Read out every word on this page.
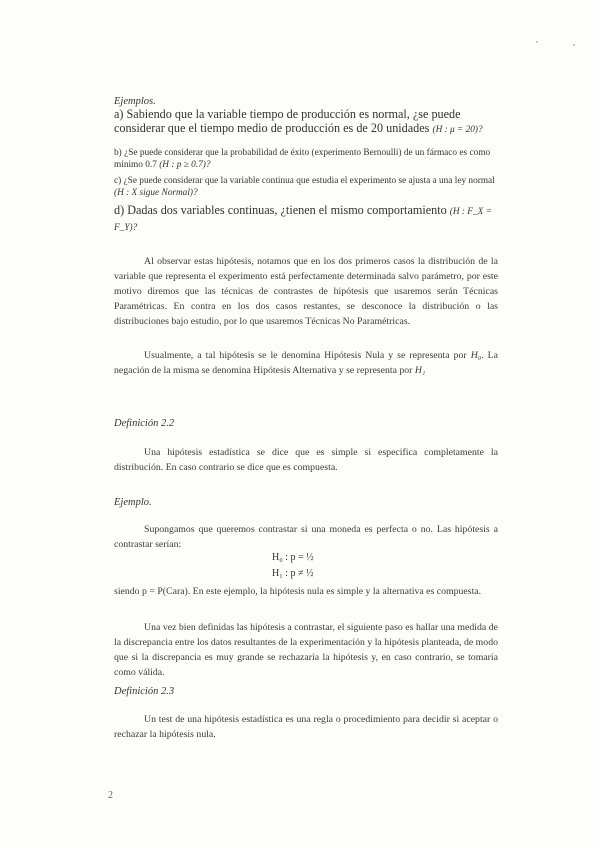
Ejemplos.
a) Sabiendo que la variable tiempo de producción es normal, ¿se puede considerar que el tiempo medio de producción es de 20 unidades (H : μ = 20)?
b) ¿Se puede considerar que la probabilidad de éxito (experimento Bernoulli) de un fármaco es como mínimo 0.7 (H : p ≥ 0.7)?
c) ¿Se puede considerar que la variable continua que estudia el experimento se ajusta a una ley normal (H : X sigue Normal)?
d) Dadas dos variables continuas, ¿tienen el mismo comportamiento (H : F_X = F_Y)?
Al observar estas hipótesis, notamos que en los dos primeros casos la distribución de la variable que representa el experimento está perfectamente determinada salvo parámetro, por este motivo diremos que las técnicas de contrastes de hipótesis que usaremos serán Técnicas Paramétricas. En contra en los dos casos restantes, se desconoce la distribución o las distribuciones bajo estudio, por lo que usaremos Técnicas No Paramétricas.
Usualmente, a tal hipótesis se le denomina Hipótesis Nula y se representa por H₀. La negación de la misma se denomina Hipótesis Alternativa y se representa por H₁
Definición 2.2
Una hipótesis estadística se dice que es simple si especifica completamente la distribución. En caso contrario se dice que es compuesta.
Ejemplo.
Supongamos que queremos contrastar si una moneda es perfecta o no. Las hipótesis a contrastar serían:
H₀ : p = ½
H₁ : p ≠ ½
siendo p = P(Cara). En este ejemplo, la hipótesis nula es simple y la alternativa es compuesta.
Una vez bien definidas las hipótesis a contrastar, el siguiente paso es hallar una medida de la discrepancia entre los datos resultantes de la experimentación y la hipótesis planteada, de modo que si la discrepancia es muy grande se rechazaría la hipótesis y, en caso contrario, se tomaría como válida.
Definición 2.3
Un test de una hipótesis estadística es una regla o procedimiento para decidir si aceptar o rechazar la hipótesis nula.
2
